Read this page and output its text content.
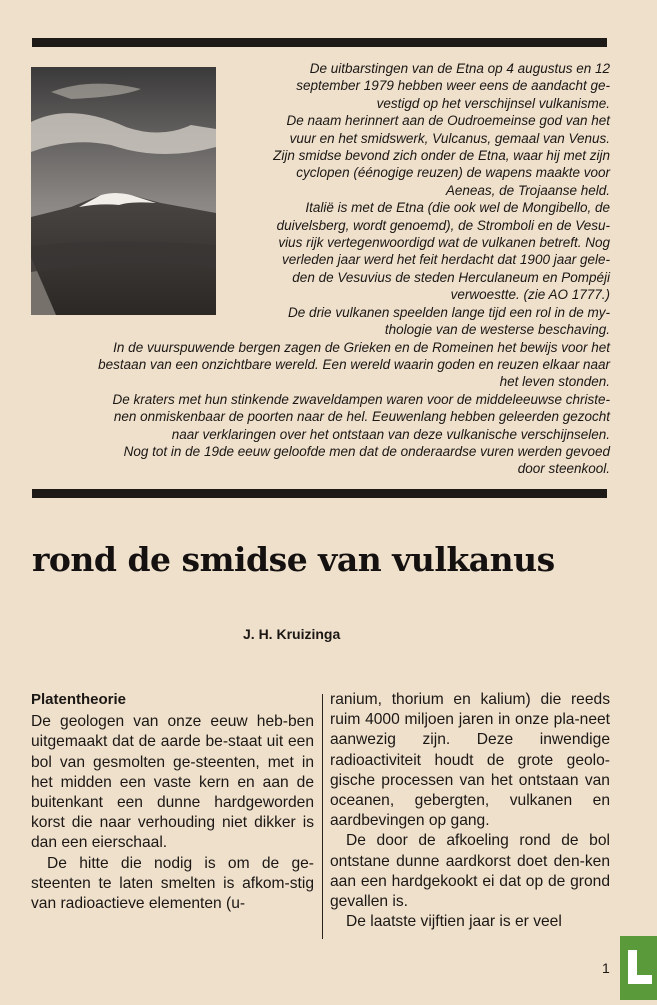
De uitbarstingen van de Etna op 4 augustus en 12

september 1979 hebben weer eens de aandacht ge-

vestigd op het verschijnsel vulkanisme.

De naam herinnert aan de Oudroemeinse god van het

vuur en het smidswerk, Vulcanus, gemaal van Venus.

Zijn smidse bevond zich onder de Etna, waar hij met zijn

cyclopen (éénogige reuzen) de wapens maakte voor

Aeneas, de Trojaanse held.

Italië is met de Etna (die ook wel de Mongibello, de

duivelsberg, wordt genoemd), de Stromboli en de Vesu-

vius rijk vertegenwoordigd wat de vulkanen betreft. Nog

verleden jaar werd het feit herdacht dat 1900 jaar gele-

den de Vesuvius de steden Herculaneum en Pompéji

verwoestte. (zie AO 1777.)

De drie vulkanen speelden lange tijd een rol in de my-

thologie van de westerse beschaving.

In de vuurspuwende bergen zagen de Grieken en de Romeinen het bewijs voor het

bestaan van een onzichtbare wereld. Een wereld waarin goden en reuzen elkaar naar

het leven stonden.

De kraters met hun stinkende zwaveldampen waren voor de middeleeuwse christe-

nen onmiskenbaar de poorten naar de hel. Eeuwenlang hebben geleerden gezocht

naar verklaringen over het ontstaan van deze vulkanische verschijnselen.

Nog tot in de 19de eeuw geloofde men dat de onderaardse vuren werden gevoed

door steenkool.

rond de smidse van vulkanus
J. H. Kruizinga

Platentheorie

De geologen van onze eeuw heb-ben uitgemaakt dat de aarde be-staat uit een bol van gesmolten ge-steenten, met in het midden een vaste kern en aan de buitenkant een dunne hardgeworden korst die naar verhouding niet dikker is dan een eierschaal.

De hitte die nodig is om de ge-steenten te laten smelten is afkom-stig van radioactieve elementen (u-

ranium, thorium en kalium) die reeds ruim 4000 miljoen jaren in onze pla-neet aanwezig zijn. Deze inwendige radioactiviteit houdt de grote geolo-gische processen van het ontstaan van oceanen, gebergten, vulkanen en aardbevingen op gang.

De door de afkoeling rond de bol ontstane dunne aardkorst doet den-ken aan een hardgekookt ei dat op de grond gevallen is.

De laatste vijftien jaar is er veel

1
